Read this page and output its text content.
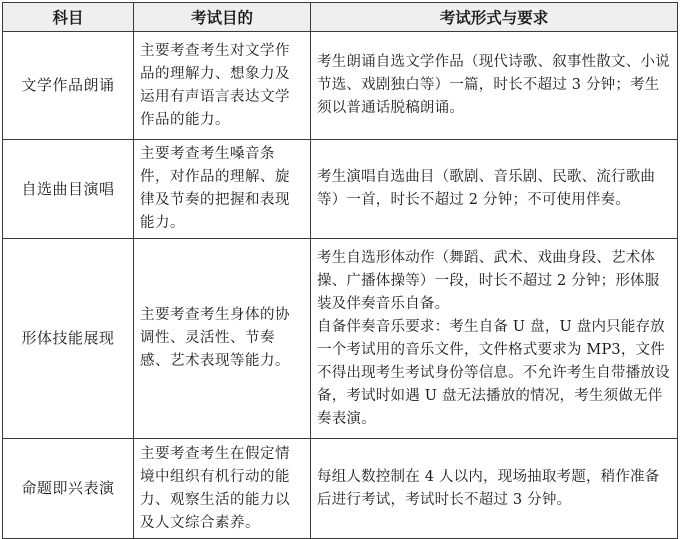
科目	考试目的	考试形式与要求
文学作品朗诵	主要考查考生对文学作品的理解力、想象力及运用有声语言表达文学作品的能力。	考生朗诵自选文学作品（现代诗歌、叙事性散文、小说节选、戏剧独白等）一篇，时长不超过 3 分钟；考生须以普通话脱稿朗诵。

自选曲目演唱	主要考查考生嗓音条件，对作品的理解、旋律及节奏的把握和表现能力。	考生演唱自选曲目（歌剧、音乐剧、民歌、流行歌曲等）一首，时长不超过 2 分钟；不可使用伴奏。

形体技能展现	主要考查考生身体的协调性、灵活性、节奏感、艺术表现等能力。	考生自选形体动作（舞蹈、武术、戏曲身段、艺术体操、广播体操等）一段，时长不超过 2 分钟；形体服装及伴奏音乐自备。
自备伴奏音乐要求：考生自备 U 盘，U 盘内只能存放一个考试用的音乐文件，文件格式要求为 MP3，文件不得出现考生考试身份等信息。不允许考生自带播放设备，考试时如遇 U 盘无法播放的情况，考生须做无伴奏表演。

命题即兴表演	主要考查考生在假定情境中组织有机行动的能力、观察生活的能力以及人文综合素养。	每组人数控制在 4 人以内，现场抽取考题，稍作准备后进行考试，考试时长不超过 3 分钟。
